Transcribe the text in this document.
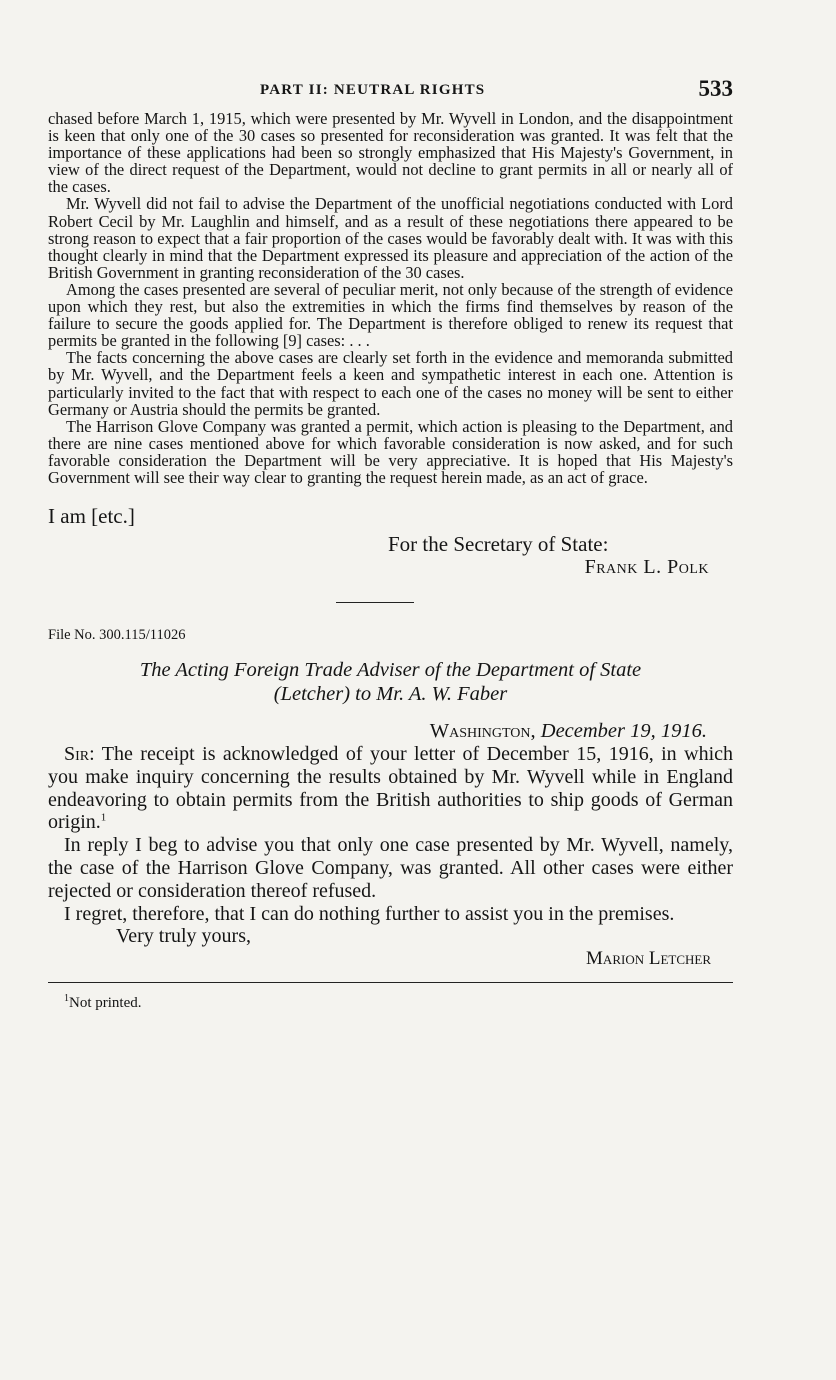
PART II: NEUTRAL RIGHTS	533

chased before March 1, 1915, which were presented by Mr. Wyvell in London, and the disappointment is keen that only one of the 30 cases so presented for reconsideration was granted. It was felt that the importance of these applications had been so strongly emphasized that His Majesty's Government, in view of the direct request of the Department, would not decline to grant permits in all or nearly all of the cases.

Mr. Wyvell did not fail to advise the Department of the unofficial negotiations conducted with Lord Robert Cecil by Mr. Laughlin and himself, and as a result of these negotiations there appeared to be strong reason to expect that a fair proportion of the cases would be favorably dealt with. It was with this thought clearly in mind that the Department expressed its pleasure and appreciation of the action of the British Government in granting reconsideration of the 30 cases.

Among the cases presented are several of peculiar merit, not only because of the strength of evidence upon which they rest, but also the extremities in which the firms find themselves by reason of the failure to secure the goods applied for. The Department is therefore obliged to renew its request that permits be granted in the following [9] cases: . . .

The facts concerning the above cases are clearly set forth in the evidence and memoranda submitted by Mr. Wyvell, and the Department feels a keen and sympathetic interest in each one. Attention is particularly invited to the fact that with respect to each one of the cases no money will be sent to either Germany or Austria should the permits be granted.

The Harrison Glove Company was granted a permit, which action is pleasing to the Department, and there are nine cases mentioned above for which favorable consideration is now asked, and for such favorable consideration the Department will be very appreciative. It is hoped that His Majesty's Government will see their way clear to granting the request herein made, as an act of grace.

I am [etc.]
For the Secretary of State:
Frank L. Polk
File No. 300.115/11026
The Acting Foreign Trade Adviser of the Department of State
(Letcher) to Mr. A. W. Faber
Washington, December 19, 1916.

Sir: The receipt is acknowledged of your letter of December 15, 1916, in which you make inquiry concerning the results obtained by Mr. Wyvell while in England endeavoring to obtain permits from the British authorities to ship goods of German origin.$^1$

In reply I beg to advise you that only one case presented by Mr. Wyvell, namely, the case of the Harrison Glove Company, was granted. All other cases were either rejected or consideration thereof refused.

I regret, therefore, that I can do nothing further to assist you in the premises.

Very truly yours,
Marion Letcher
$^1$Not printed.
